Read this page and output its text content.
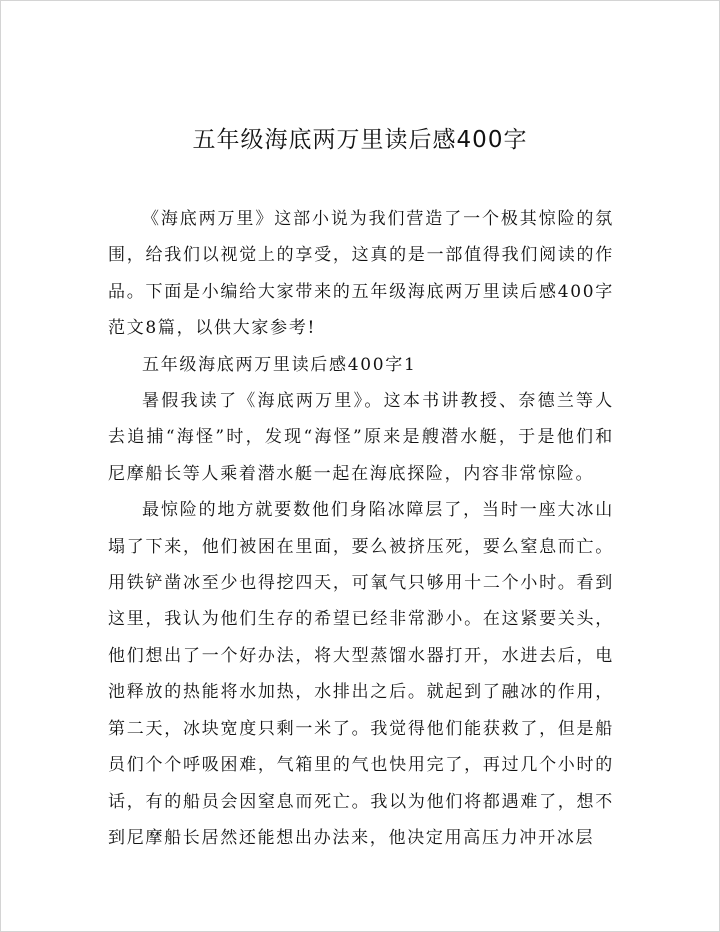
五年级海底两万里读后感400字

《海底两万里》这部小说为我们营造了一个极其惊险的氛围，给我们以视觉上的享受，这真的是一部值得我们阅读的作品。下面是小编给大家带来的五年级海底两万里读后感400字范文8篇，以供大家参考!

五年级海底两万里读后感400字1

暑假我读了《海底两万里》。这本书讲教授、奈德兰等人去追捕“海怪”时，发现“海怪”原来是艘潜水艇，于是他们和尼摩船长等人乘着潜水艇一起在海底探险，内容非常惊险。

最惊险的地方就要数他们身陷冰障层了，当时一座大冰山塌了下来，他们被困在里面，要么被挤压死，要么窒息而亡。用铁铲凿冰至少也得挖四天，可氧气只够用十二个小时。看到这里，我认为他们生存的希望已经非常渺小。在这紧要关头，他们想出了一个好办法，将大型蒸馏水器打开，水进去后，电池释放的热能将水加热，水排出之后。就起到了融冰的作用，第二天，冰块宽度只剩一米了。我觉得他们能获救了，但是船员们个个呼吸困难，气箱里的气也快用完了，再过几个小时的话，有的船员会因窒息而死亡。我以为他们将都遇难了，想不到尼摩船长居然还能想出办法来，他决定用高压力冲开冰层
